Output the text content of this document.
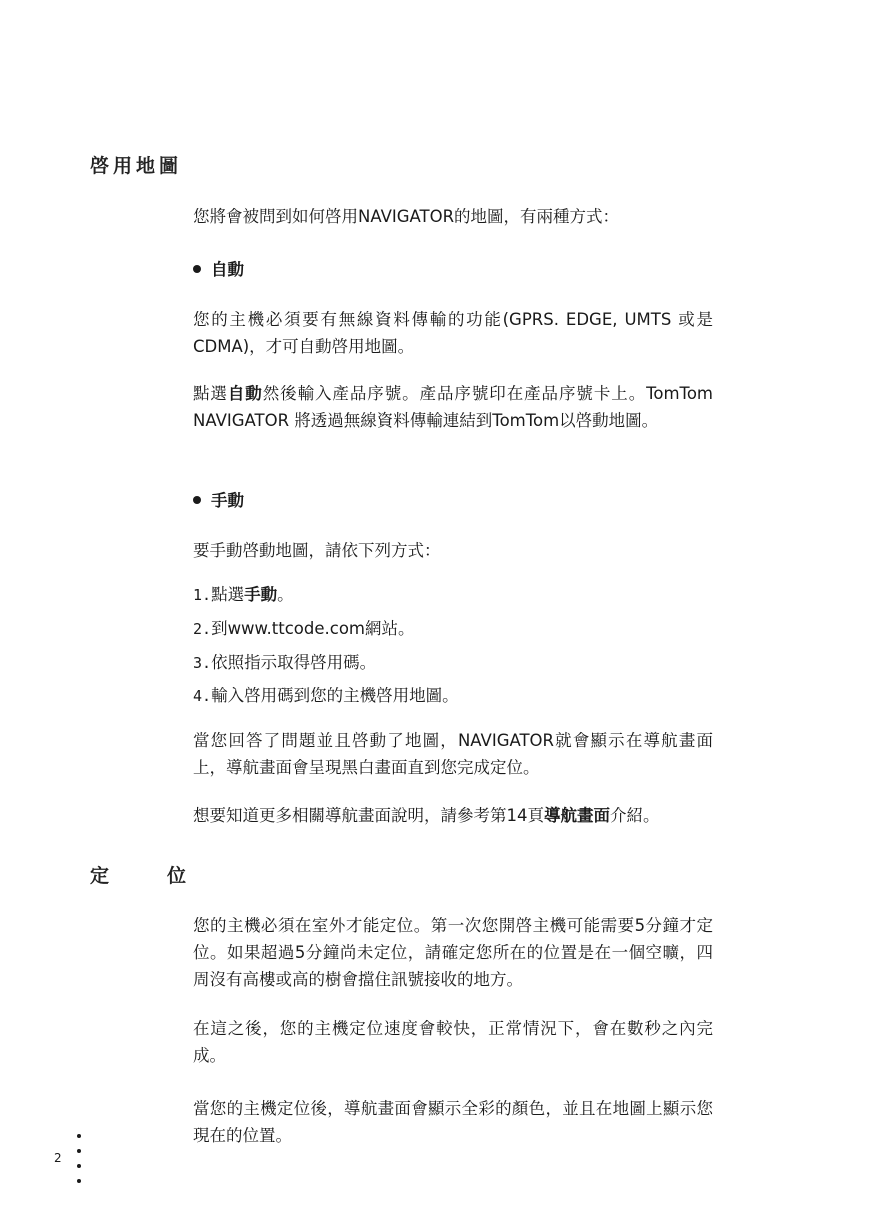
啓用地圖

您將會被問到如何啓用NAVIGATOR的地圖，有兩種方式：

自動

您的主機必須要有無線資料傳輸的功能(GPRS. EDGE, UMTS 或是 CDMA)，才可自動啓用地圖。

點選自動然後輸入產品序號。產品序號印在產品序號卡上。TomTom NAVIGATOR 將透過無線資料傳輸連結到TomTom以啓動地圖。

手動

要手動啓動地圖，請依下列方式：

1.點選手動。
2.到www.ttcode.com網站。
3.依照指示取得啓用碼。
4.輸入啓用碼到您的主機啓用地圖。

當您回答了問題並且啓動了地圖，NAVIGATOR就會顯示在導航畫面上，導航畫面會呈現黑白畫面直到您完成定位。

想要知道更多相關導航畫面說明，請參考第14頁導航畫面介紹。

定	位

您的主機必須在室外才能定位。第一次您開啓主機可能需要5分鐘才定位。如果超過5分鐘尚未定位，請確定您所在的位置是在一個空曠，四周沒有高樓或高的樹會擋住訊號接收的地方。

在這之後，您的主機定位速度會較快，正常情況下，會在數秒之內完成。

當您的主機定位後，導航畫面會顯示全彩的顏色，並且在地圖上顯示您現在的位置。

2
